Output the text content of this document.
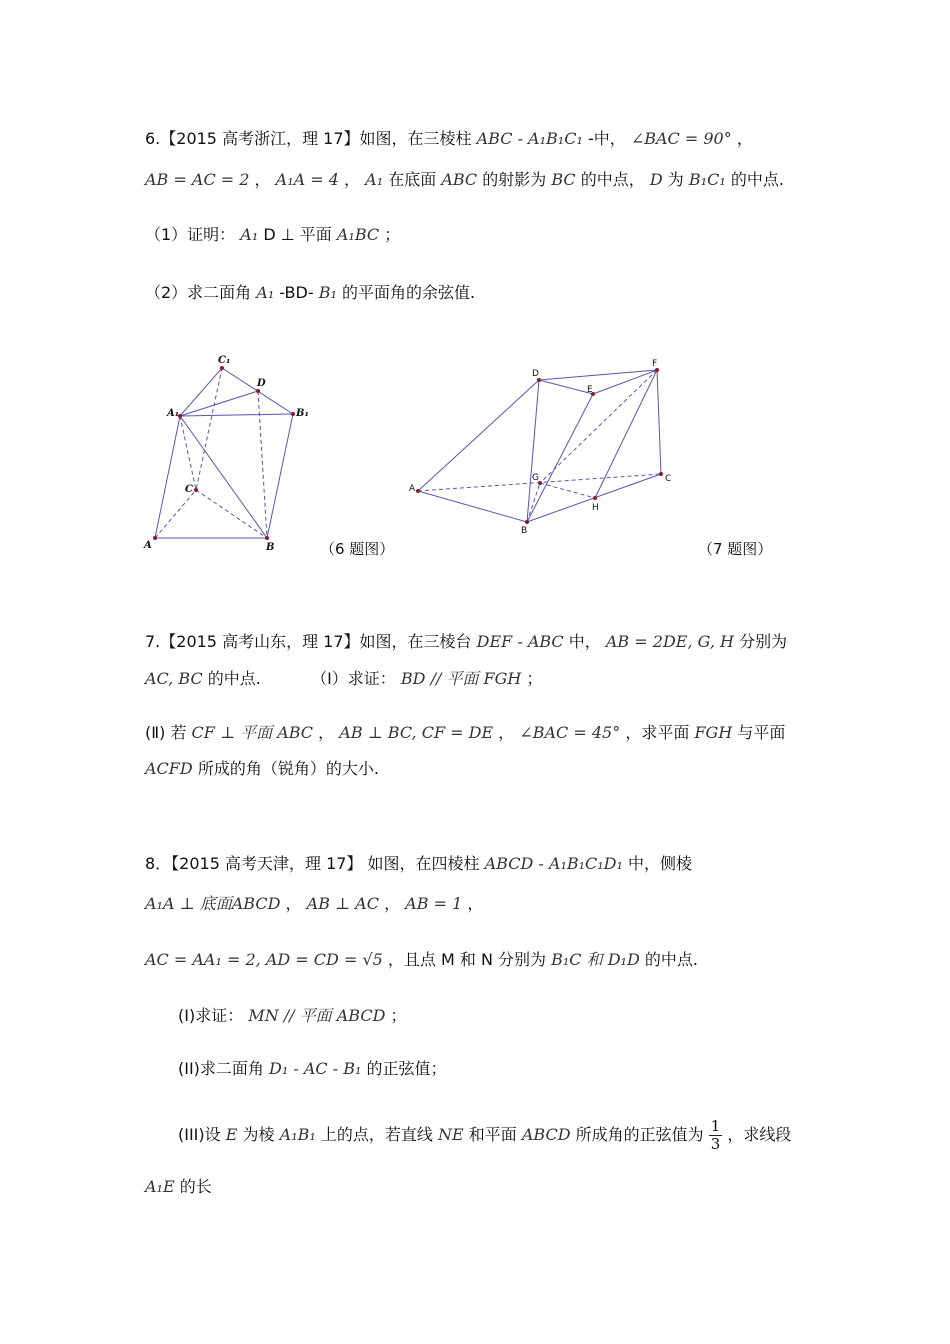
6.【2015 高考浙江，理 17】如图，在三棱柱 ABC - A₁B₁C₁ -中， ∠BAC = 90° ，
AB = AC = 2 ， A₁A = 4 ， A₁ 在底面 ABC 的射影为 BC 的中点， D 为 B₁C₁ 的中点.
（1）证明： A₁ D ⊥ 平面 A₁BC ；
（2）求二面角 A₁ -BD- B₁ 的平面角的余弦值.
C₁
D
A₁	B₁
C
A	B
D
E
F
G
A
C
H
B
（6 题图）	（7 题图）
7.【2015 高考山东，理 17】如图，在三棱台 DEF - ABC 中， AB = 2DE, G, H 分别为
AC, BC 的中点.	（Ⅰ）求证： BD // 平面 FGH ；
(Ⅱ) 若 CF ⊥ 平面 ABC ， AB ⊥ BC, CF = DE ， ∠BAC = 45° ，求平面 FGH 与平面
ACFD 所成的角（锐角）的大小.
8．【2015 高考天津，理 17】 如图，在四棱柱 ABCD - A₁B₁C₁D₁ 中，侧棱
A₁A ⊥ 底面ABCD ， AB ⊥ AC ， AB = 1 ，
AC = AA₁ = 2, AD = CD = √5 ，且点 M 和 N 分别为 B₁C 和 D₁D 的中点.
(I)求证： MN // 平面 ABCD ；
(II)求二面角 D₁ - AC - B₁ 的正弦值；
(III)设 E 为棱 A₁B₁ 上的点，若直线 NE 和平面 ABCD 所成角的正弦值为 $\frac{1}{3}$ ，求线段
A₁E 的长
